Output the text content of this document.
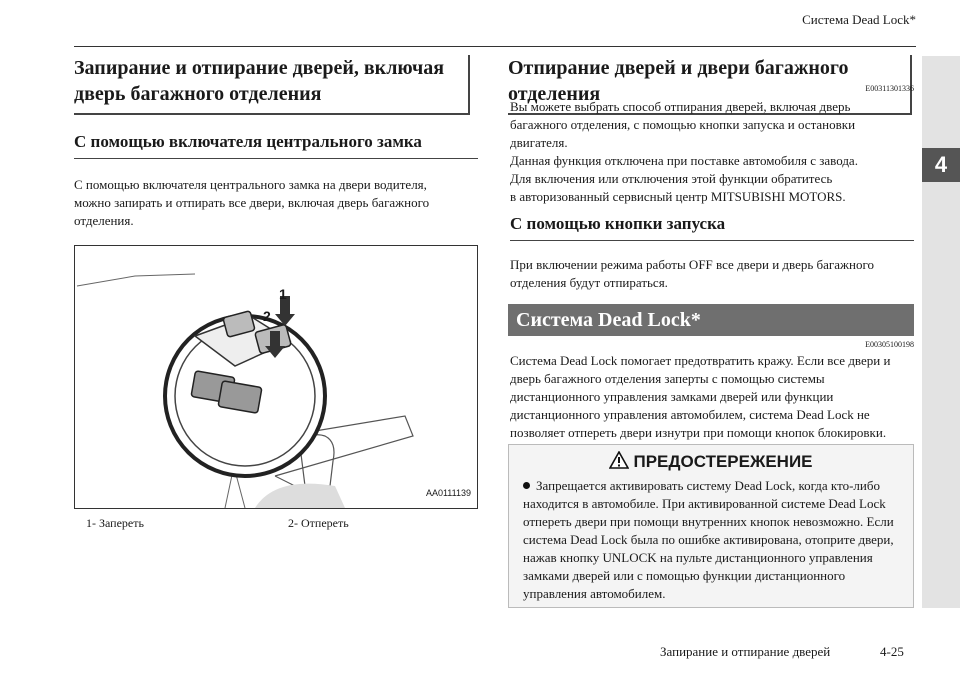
Система Dead Lock*
4
Запирание и отпирание дверей, включая дверь багажного отделения
С помощью включателя центрального замка
С помощью включателя центрального замка на двери водителя, можно запирать и отпирать все двери, включая дверь багажного отделения.
1
2
AA0111139
1- Запереть	2- Отпереть
Отпирание дверей и двери багажного отделения	E00311301336
Вы можете выбрать способ отпирания дверей, включая дверь
багажного отделения, с помощью кнопки запуска и остановки
двигателя.
Данная функция отключена при поставке автомобиля с завода.
Для включения или отключения этой функции обратитесь
в авторизованный сервисный центр MITSUBISHI MOTORS.
С помощью кнопки запуска
При включении режима работы OFF все двери и дверь багажного отделения будут отпираться.
Система Dead Lock*
E00305100198
Система Dead Lock помогает предотвратить кражу. Если все двери и дверь багажного отделения заперты с помощью системы дистанционного управления замками дверей или функции дистанционного управления автомобилем, система Dead Lock не позволяет отпереть двери изнутри при помощи кнопок блокировки.
ПРЕДОСТЕРЕЖЕНИЕ
Запрещается активировать систему Dead Lock, когда кто-либо находится в автомобиле. При активированной системе Dead Lock отпереть двери при помощи внутренних кнопок невозможно. Если система Dead Lock была по ошибке активирована, отоприте двери, нажав кнопку UNLOCK на пульте дистанционного управления замками дверей или с помощью функции дистанционного управления автомобилем.
Запирание и отпирание дверей	4-25
